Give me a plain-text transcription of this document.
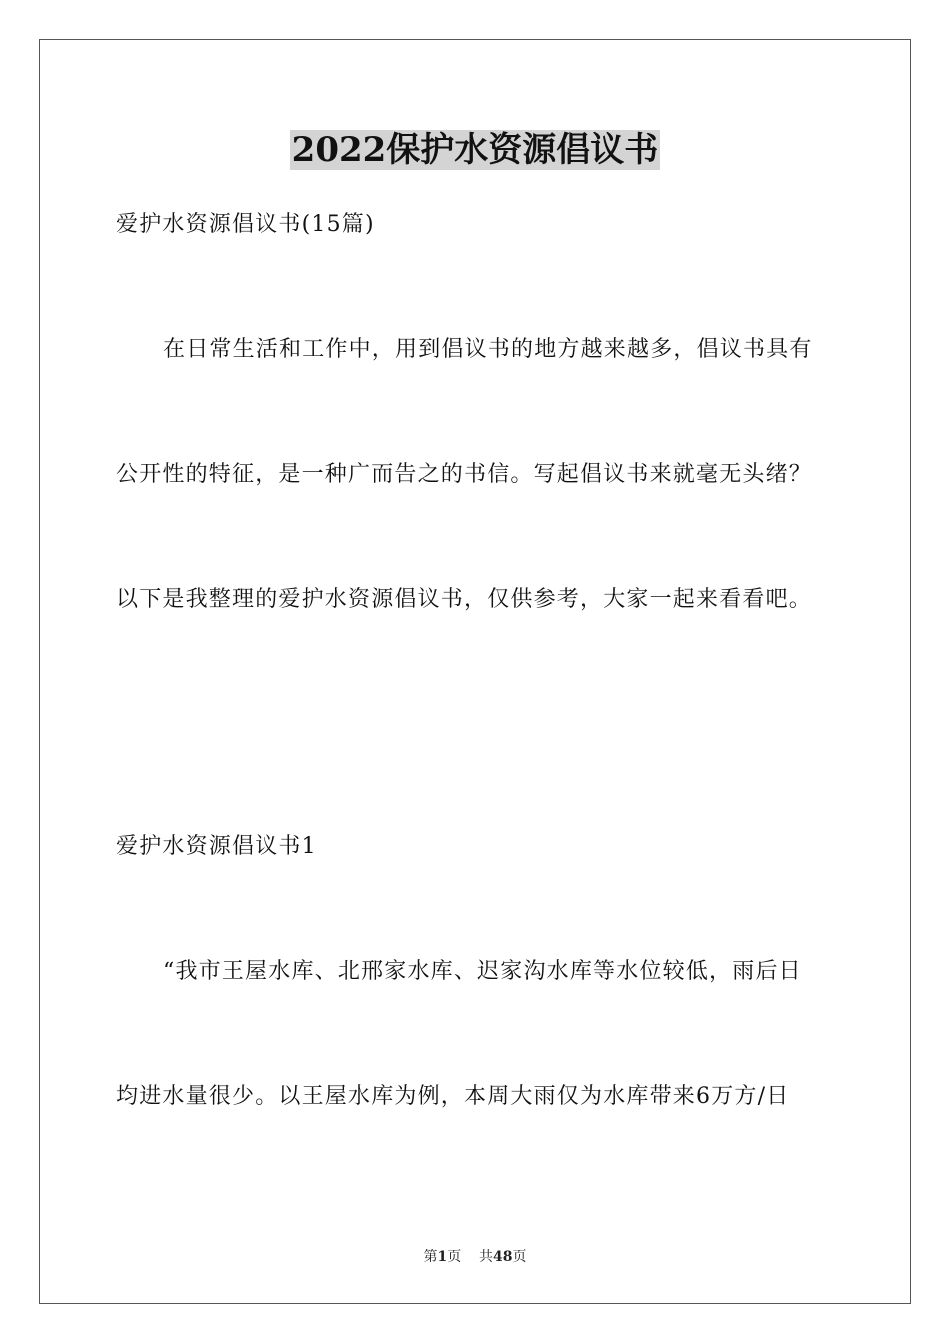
2022保护水资源倡议书
爱护水资源倡议书(15篇)
在日常生活和工作中，用到倡议书的地方越来越多，倡议书具有
公开性的特征，是一种广而告之的书信。写起倡议书来就毫无头绪？
以下是我整理的爱护水资源倡议书，仅供参考，大家一起来看看吧。
爱护水资源倡议书1
“我市王屋水库、北邢家水库、迟家沟水库等水位较低，雨后日
均进水量很少。以王屋水库为例，本周大雨仅为水库带来6万方/日
第1页 共48页
